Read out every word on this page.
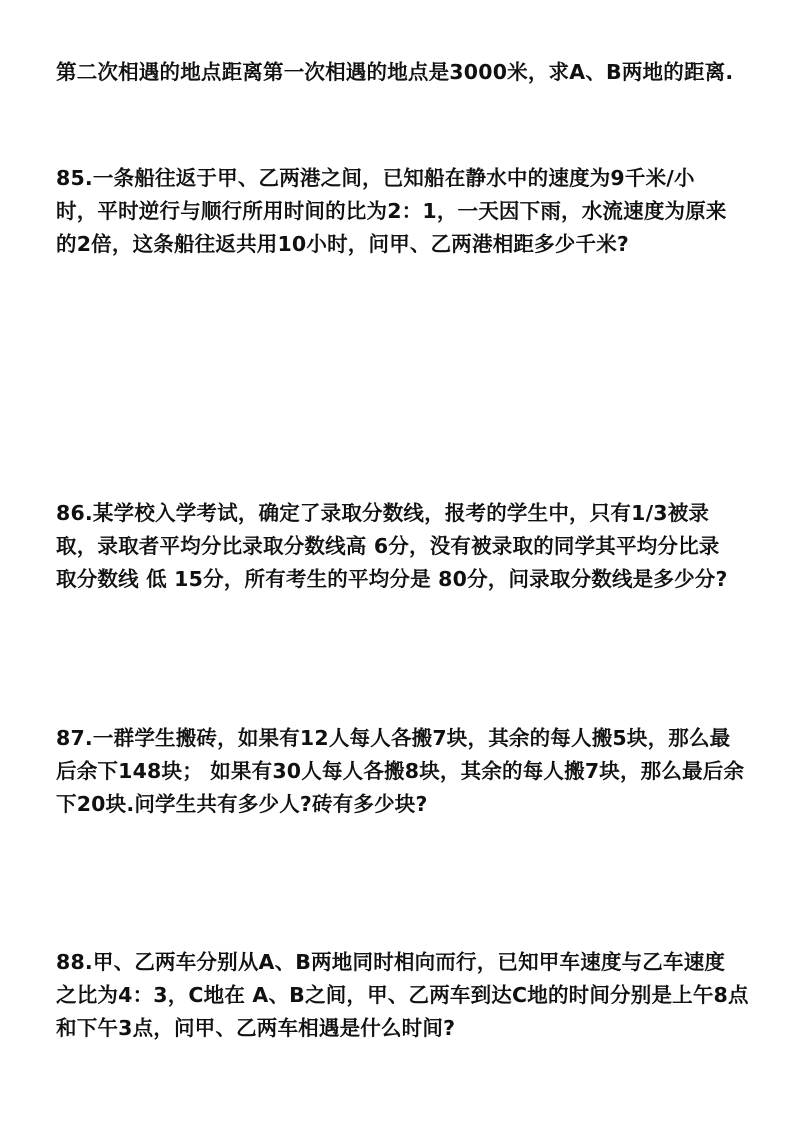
第二次相遇的地点距离第一次相遇的地点是3000米，求A、B两地的距离.
85.一条船往返于甲、乙两港之间，已知船在静水中的速度为9千米/小
时，平时逆行与顺行所用时间的比为2：1，一天因下雨，水流速度为原来
的2倍，这条船往返共用10小时，问甲、乙两港相距多少千米?
86.某学校入学考试，确定了录取分数线，报考的学生中，只有1/3被录
取，录取者平均分比录取分数线高 6分，没有被录取的同学其平均分比录
取分数线 低 15分，所有考生的平均分是 80分，问录取分数线是多少分?
87.一群学生搬砖，如果有12人每人各搬7块，其余的每人搬5块，那么最
后余下148块； 如果有30人每人各搬8块，其余的每人搬7块，那么最后余
下20块.问学生共有多少人?砖有多少块?
88.甲、乙两车分别从A、B两地同时相向而行，已知甲车速度与乙车速度
之比为4：3，C地在 A、B之间，甲、乙两车到达C地的时间分别是上午8点
和下午3点，问甲、乙两车相遇是什么时间?
